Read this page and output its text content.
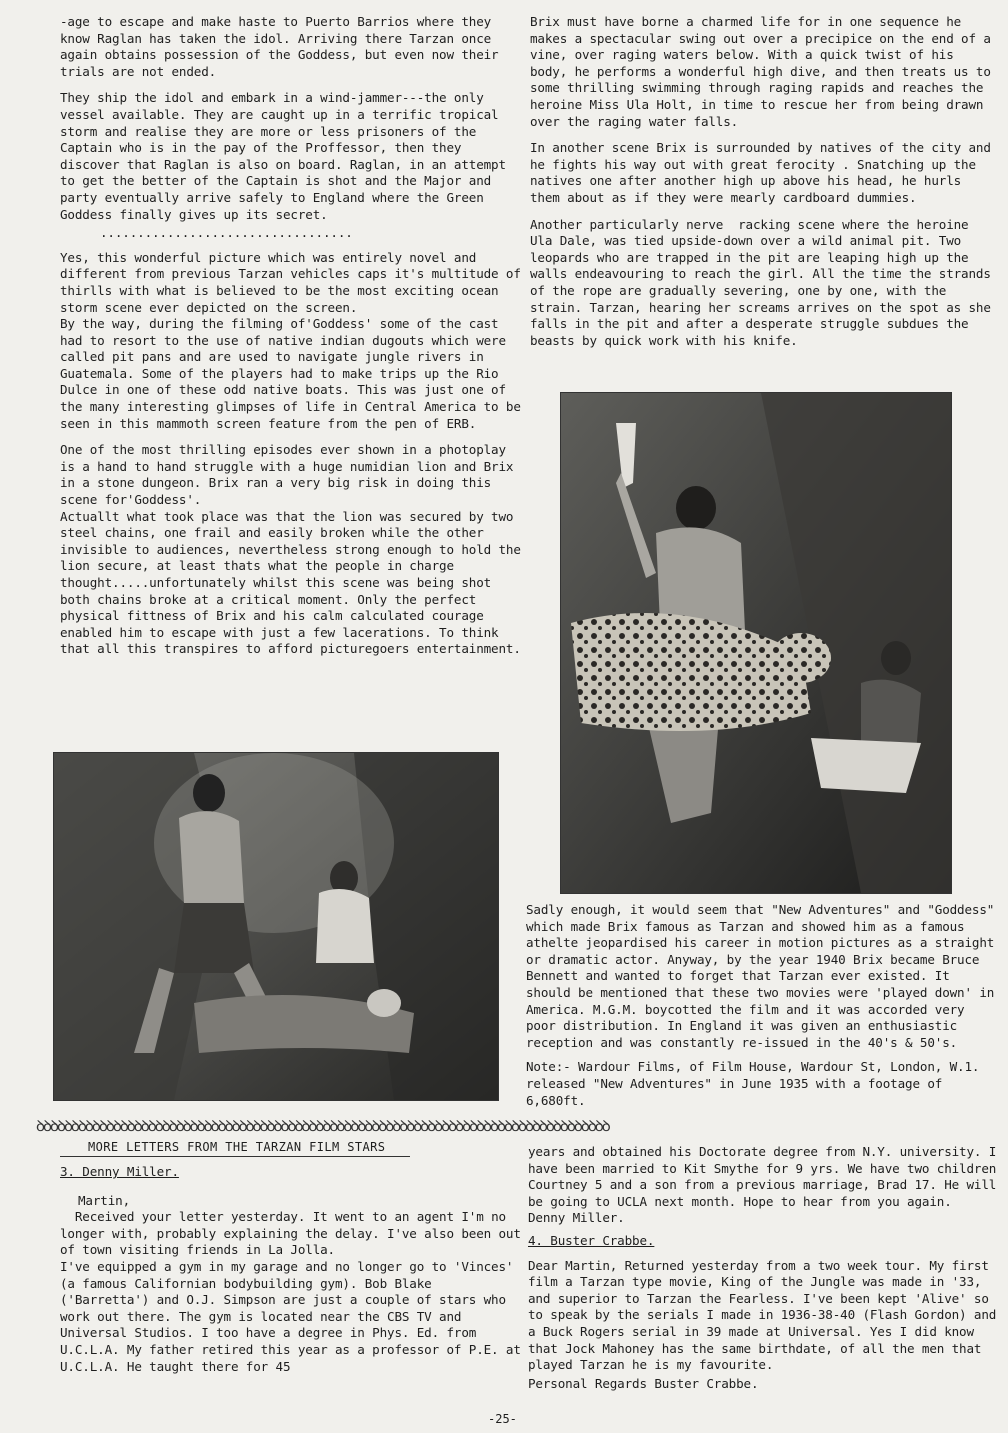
-age to escape and make haste to Puerto Barrios where they know Raglan has taken the idol. Arriving there Tarzan once again obtains possession of the Goddess, but even now their trials are not ended.

They ship the idol and embark in a wind-jammer---the only vessel available. They are caught up in a terrific tropical storm and realise they are more or less prisoners of the Captain who is in the pay of the Proffessor, then they discover that Raglan is also on board. Raglan, in an attempt to get the better of the Captain is shot and the Major and party eventually arrive safely to England where the Green Goddess finally gives up its secret.

..................................

Yes, this wonderful picture which was entirely novel and different from previous Tarzan vehicles caps it's multitude of thirlls with what is believed to be the most exciting ocean storm scene ever depicted on the screen.
By the way, during the filming of'Goddess' some of the cast had to resort to the use of native indian dugouts which were called pit pans and are used to navigate jungle rivers in Guatemala. Some of the players had to make trips up the Rio Dulce in one of these odd native boats. This was just one of the many interesting glimpses of life in Central America to be seen in this mammoth screen feature from the pen of ERB.

One of the most thrilling episodes ever shown in a photoplay is a hand to hand struggle with a huge numidian lion and Brix in a stone dungeon. Brix ran a very big risk in doing this scene for'Goddess'.
Actuallt what took place was that the lion was secured by two steel chains, one frail and easily broken while the other invisible to audiences, nevertheless strong enough to hold the lion secure, at least thats what the people in charge thought.....unfortunately whilst this scene was being shot both chains broke at a critical moment. Only the perfect physical fittness of Brix and his calm calculated courage enabled him to escape with just a few lacerations. To think that all this transpires to afford picturegoers entertainment.

Brix must have borne a charmed life for in one sequence he makes a spectacular swing out over a precipice on the end of a vine, over raging waters below. With a quick twist of his body, he performs a wonderful high dive, and then treats us to some thrilling swimming through raging rapids and reaches the heroine Miss Ula Holt, in time to rescue her from being drawn over the raging water falls.

In another scene Brix is surrounded by natives of the city and he fights his way out with great ferocity . Snatching up the natives one after another high up above his head, he hurls them about as if they were mearly cardboard dummies.

Another particularly nerve  racking scene where the heroine Ula Dale, was tied upside-down over a wild animal pit. Two leopards who are trapped in the pit are leaping high up the walls endeavouring to reach the girl. All the time the strands of the rope are gradually severing, one by one, with the strain. Tarzan, hearing her screams arrives on the spot as she falls in the pit and after a desperate struggle subdues the beasts by quick work with his knife.

Sadly enough, it would seem that "New Adventures" and "Goddess" which made Brix famous as Tarzan and showed him as a famous athelte jeopardised his career in motion pictures as a straight or dramatic actor. Anyway, by the year 1940 Brix became Bruce Bennett and wanted to forget that Tarzan ever existed. It should be mentioned that these two movies were 'played down' in America. M.G.M. boycotted the film and it was accorded very poor distribution. In England it was given an enthusiastic reception and was constantly re-issued in the 40's & 50's.

Note:- Wardour Films, of Film House, Wardour St, London, W.1. released "New Adventures" in June 1935 with a footage of 6,680ft.

ꝺꝺꝺꝺꝺꝺꝺꝺꝺꝺꝺꝺꝺꝺꝺꝺꝺꝺꝺꝺꝺꝺꝺꝺꝺꝺꝺꝺꝺꝺꝺꝺꝺꝺꝺꝺꝺꝺꝺꝺꝺꝺꝺꝺꝺꝺꝺꝺꝺꝺꝺꝺꝺꝺꝺꝺꝺꝺꝺꝺꝺꝺꝺꝺꝺꝺꝺꝺꝺꝺꝺꝺꝺꝺꝺꝺꝺꝺꝺꝺꝺꝺ
MORE LETTERS FROM THE TARZAN FILM STARS

3. Denny Miller.

Martin,

Received your letter yesterday. It went to an agent I'm no longer with, probably explaining the delay. I've also been out of town visiting friends in La Jolla.
I've equipped a gym in my garage and no longer go to 'Vinces' (a famous Californian bodybuilding gym). Bob Blake ('Barretta') and O.J. Simpson are just a couple of stars who work out there. The gym is located near the CBS TV and Universal Studios. I too have a degree in Phys. Ed. from U.C.L.A. My father retired this year as a professor of P.E. at U.C.L.A. He taught there for 45

years and obtained his Doctorate degree from N.Y. university. I have been married to Kit Smythe for 9 yrs. We have two children Courtney 5 and a son from a previous marriage, Brad 17. He will be going to UCLA next month. Hope to hear from you again.  Denny Miller.

4. Buster Crabbe.

Dear Martin, Returned yesterday from a two week tour. My first film a Tarzan type movie, King of the Jungle was made in '33, and superior to Tarzan the Fearless. I've been kept 'Alive' so to speak by the serials I made in 1936-38-40 (Flash Gordon) and a Buck Rogers serial in 39 made at Universal. Yes I did know that Jock Mahoney has the same birthdate, of all the men that played Tarzan he is my favourite.

Personal Regards Buster Crabbe.

-25-
